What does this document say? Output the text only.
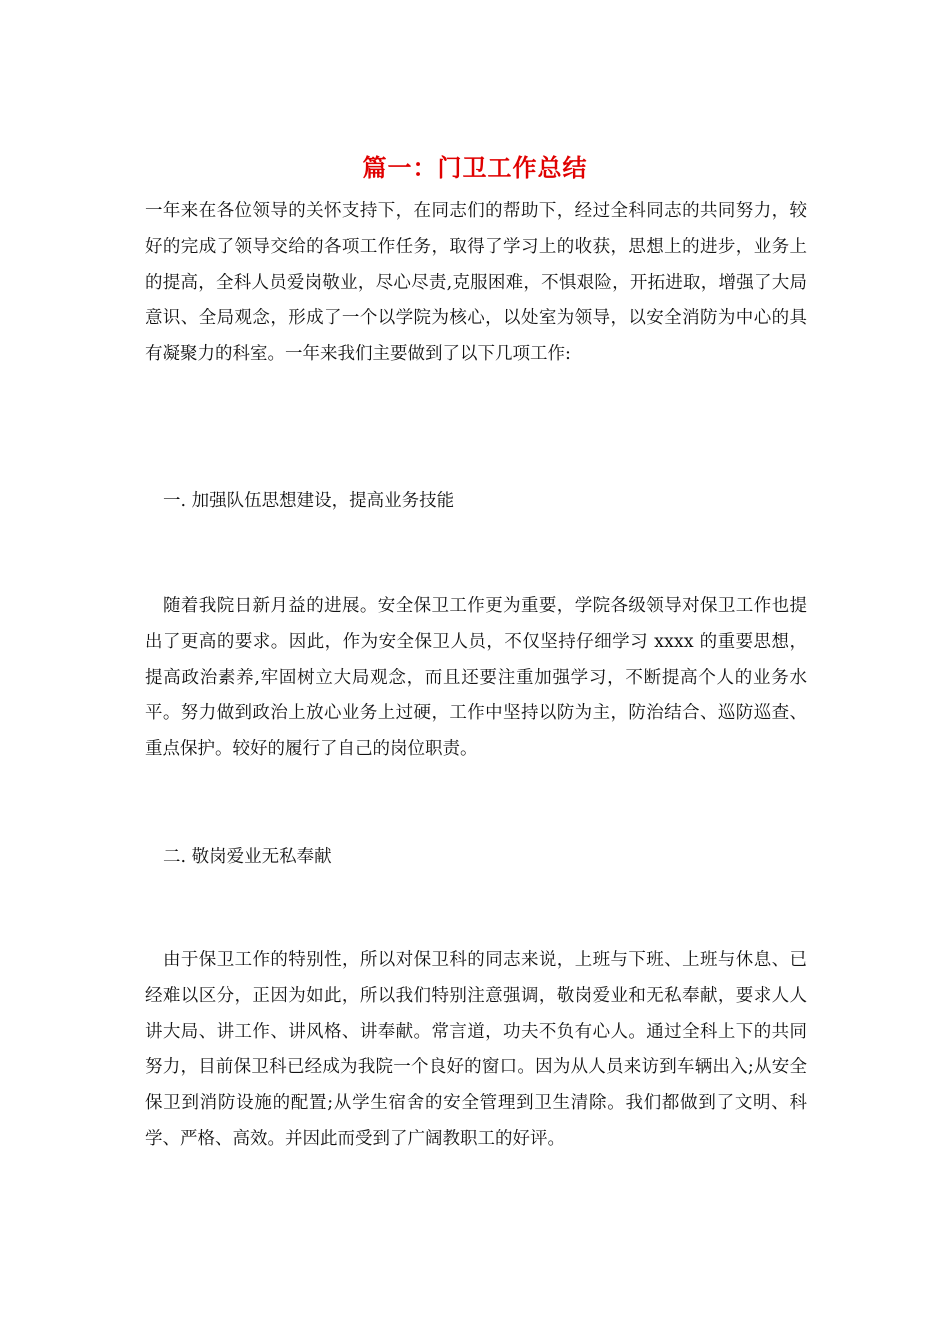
篇一：门卫工作总结

一年来在各位领导的关怀支持下，在同志们的帮助下，经过全科同志的共同努力，较好的完成了领导交给的各项工作任务，取得了学习上的收获，思想上的进步，业务上的提高，全科人员爱岗敬业，尽心尽责,克服困难，不惧艰险，开拓进取，增强了大局意识、全局观念，形成了一个以学院为核心，以处室为领导，以安全消防为中心的具有凝聚力的科室。一年来我们主要做到了以下几项工作:

一. 加强队伍思想建设，提高业务技能

随着我院日新月益的进展。安全保卫工作更为重要，学院各级领导对保卫工作也提出了更高的要求。因此，作为安全保卫人员，不仅坚持仔细学习 xxxx 的重要思想，提高政治素养,牢固树立大局观念，而且还要注重加强学习，不断提高个人的业务水平。努力做到政治上放心业务上过硬，工作中坚持以防为主，防治结合、巡防巡查、重点保护。较好的履行了自己的岗位职责。

二. 敬岗爱业无私奉献

由于保卫工作的特别性，所以对保卫科的同志来说，上班与下班、上班与休息、已经难以区分，正因为如此，所以我们特别注意强调，敬岗爱业和无私奉献，要求人人讲大局、讲工作、讲风格、讲奉献。常言道，功夫不负有心人。通过全科上下的共同努力，目前保卫科已经成为我院一个良好的窗口。因为从人员来访到车辆出入;从安全保卫到消防设施的配置;从学生宿舍的安全管理到卫生清除。我们都做到了文明、科学、严格、高效。并因此而受到了广阔教职工的好评。
